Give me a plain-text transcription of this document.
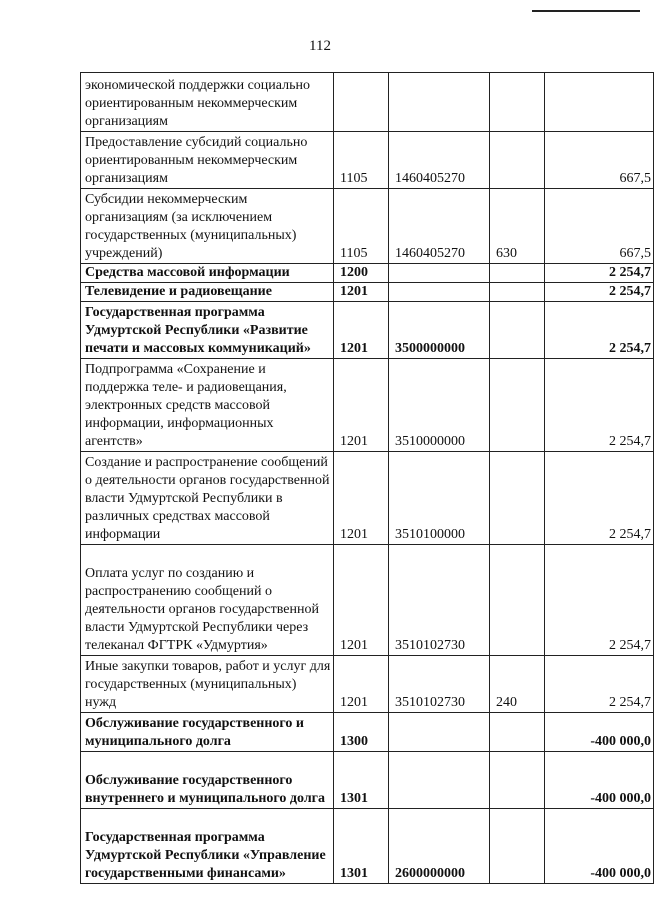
112
экономической поддержки социально ориентированным некоммерческим организациям				
Предоставление субсидий социально ориентированным некоммерческим организациям	1105	1460405270		667,5
Субсидии некоммерческим организациям (за исключением государственных (муниципальных) учреждений)	1105	1460405270	630	667,5
Средства массовой информации	1200			2 254,7
Телевидение и радиовещание	1201			2 254,7
Государственная программа Удмуртской Республики «Развитие печати и массовых коммуникаций»	1201	3500000000		2 254,7
Подпрограмма «Сохранение и поддержка теле- и радиовещания, электронных средств массовой информации, информационных агентств»	1201	3510000000		2 254,7
Создание и распространение сообщений о деятельности органов государственной власти Удмуртской Республики в различных средствах массовой информации	1201	3510100000		2 254,7
Оплата услуг по созданию и распространению сообщений о деятельности органов государственной власти Удмуртской Республики через телеканал ФГТРК «Удмуртия»	1201	3510102730		2 254,7
Иные закупки товаров, работ и услуг для государственных (муниципальных) нужд	1201	3510102730	240	2 254,7
Обслуживание государственного и муниципального долга	1300			-400 000,0
Обслуживание государственного внутреннего и муниципального долга	1301			-400 000,0
Государственная программа Удмуртской Республики «Управление государственными финансами»	1301	2600000000		-400 000,0
